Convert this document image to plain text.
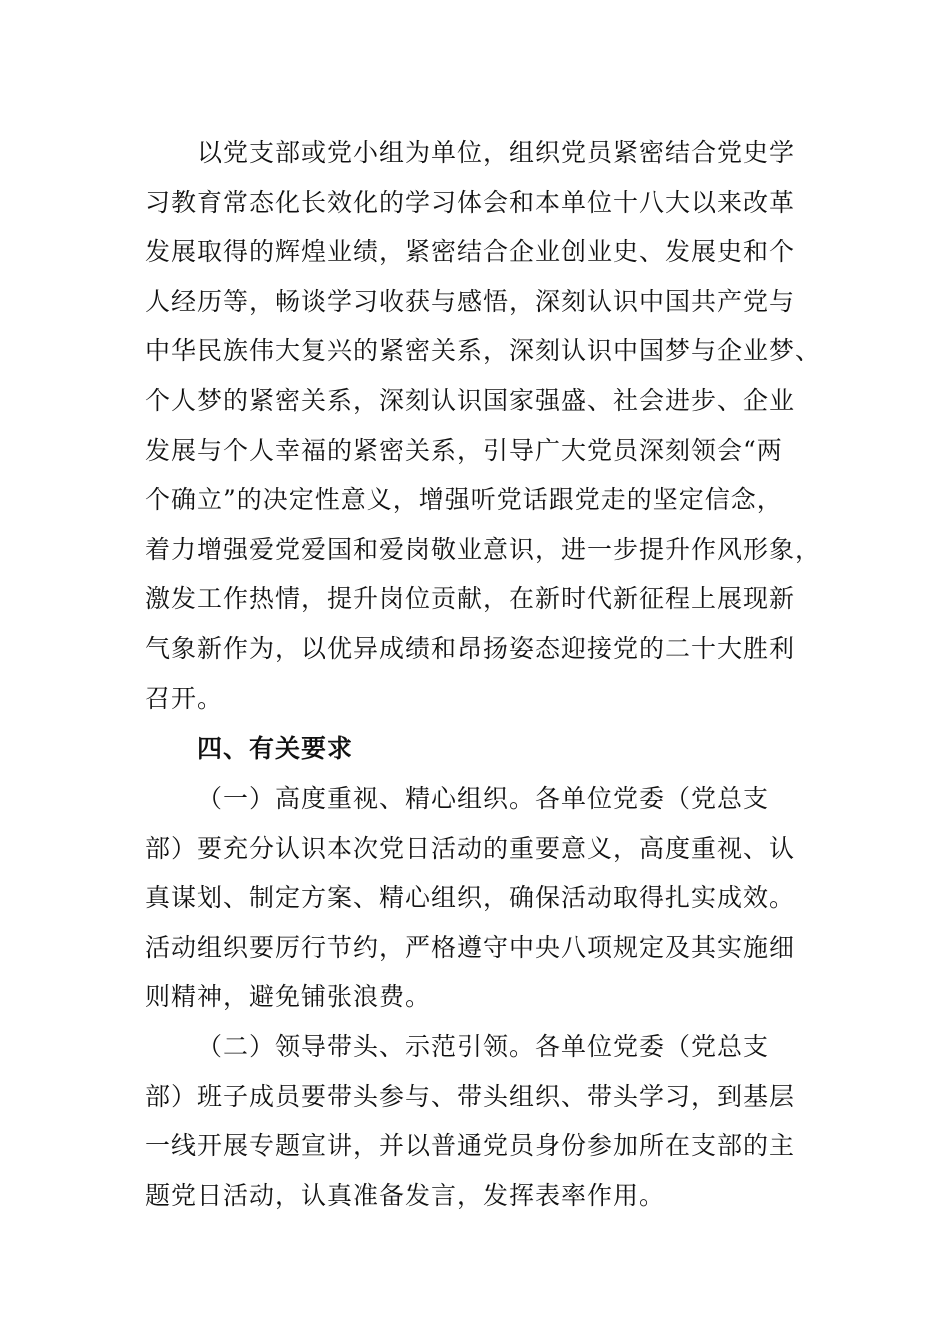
以党支部或党小组为单位，组织党员紧密结合党史学
习教育常态化长效化的学习体会和本单位十八大以来改革
发展取得的辉煌业绩，紧密结合企业创业史、发展史和个
人经历等，畅谈学习收获与感悟，深刻认识中国共产党与
中华民族伟大复兴的紧密关系，深刻认识中国梦与企业梦、
个人梦的紧密关系，深刻认识国家强盛、社会进步、企业
发展与个人幸福的紧密关系，引导广大党员深刻领会“两
个确立”的决定性意义，增强听党话跟党走的坚定信念，
着力增强爱党爱国和爱岗敬业意识，进一步提升作风形象，
激发工作热情，提升岗位贡献，在新时代新征程上展现新
气象新作为，以优异成绩和昂扬姿态迎接党的二十大胜利
召开。
四、有关要求
（一）高度重视、精心组织。各单位党委（党总支
部）要充分认识本次党日活动的重要意义，高度重视、认
真谋划、制定方案、精心组织，确保活动取得扎实成效。
活动组织要厉行节约，严格遵守中央八项规定及其实施细
则精神，避免铺张浪费。
（二）领导带头、示范引领。各单位党委（党总支
部）班子成员要带头参与、带头组织、带头学习，到基层
一线开展专题宣讲，并以普通党员身份参加所在支部的主
题党日活动，认真准备发言，发挥表率作用。
